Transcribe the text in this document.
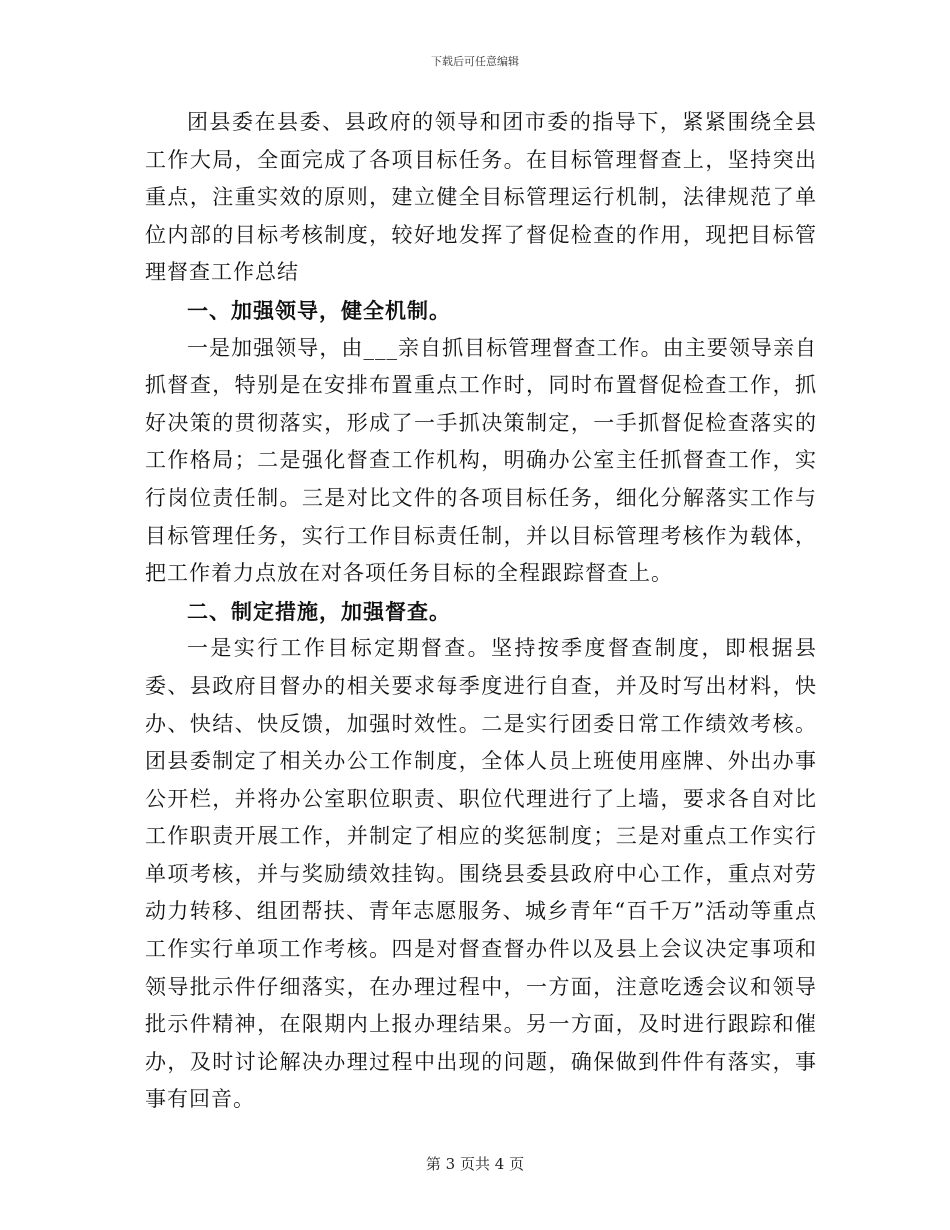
下载后可任意编辑

团县委在县委、县政府的领导和团市委的指导下，紧紧围绕全县工作大局，全面完成了各项目标任务。在目标管理督查上，坚持突出重点，注重实效的原则，建立健全目标管理运行机制，法律规范了单位内部的目标考核制度，较好地发挥了督促检查的作用，现把目标管理督查工作总结

一、加强领导，健全机制。

一是加强领导，由___亲自抓目标管理督查工作。由主要领导亲自抓督查，特别是在安排布置重点工作时，同时布置督促检查工作，抓好决策的贯彻落实，形成了一手抓决策制定，一手抓督促检查落实的工作格局；二是强化督查工作机构，明确办公室主任抓督查工作，实行岗位责任制。三是对比文件的各项目标任务，细化分解落实工作与目标管理任务，实行工作目标责任制，并以目标管理考核作为载体，把工作着力点放在对各项任务目标的全程跟踪督查上。

二、制定措施，加强督查。

一是实行工作目标定期督查。坚持按季度督查制度，即根据县委、县政府目督办的相关要求每季度进行自查，并及时写出材料，快办、快结、快反馈，加强时效性。二是实行团委日常工作绩效考核。团县委制定了相关办公工作制度，全体人员上班使用座牌、外出办事公开栏，并将办公室职位职责、职位代理进行了上墙，要求各自对比工作职责开展工作，并制定了相应的奖惩制度；三是对重点工作实行单项考核，并与奖励绩效挂钩。围绕县委县政府中心工作，重点对劳动力转移、组团帮扶、青年志愿服务、城乡青年“百千万”活动等重点工作实行单项工作考核。四是对督查督办件以及县上会议决定事项和领导批示件仔细落实，在办理过程中，一方面，注意吃透会议和领导批示件精神，在限期内上报办理结果。另一方面，及时进行跟踪和催办，及时讨论解决办理过程中出现的问题，确保做到件件有落实，事事有回音。

第 3 页共 4 页
